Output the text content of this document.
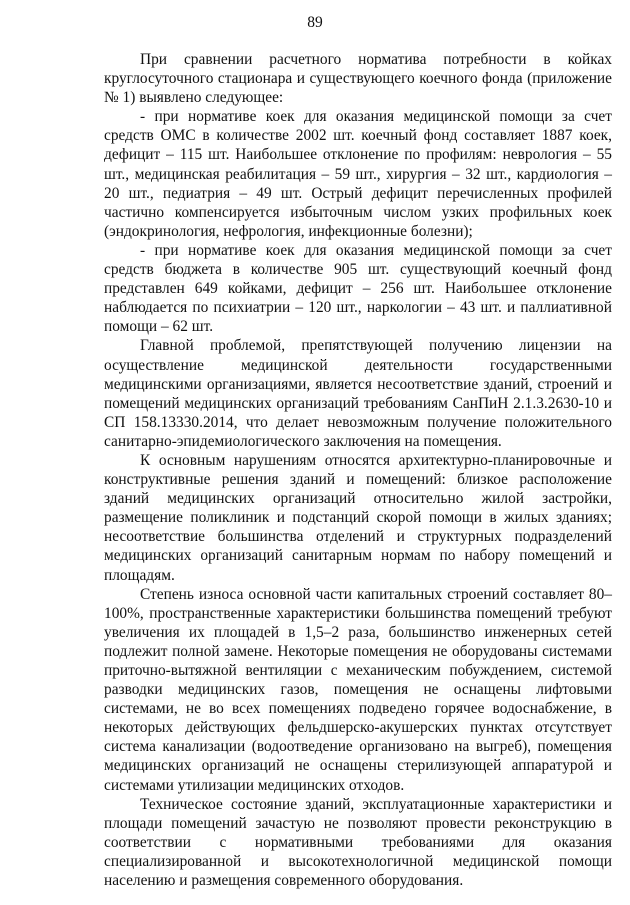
89

При сравнении расчетного норматива потребности в койках круглосуточного стационара и существующего коечного фонда (приложение № 1) выявлено следующее:

- при нормативе коек для оказания медицинской помощи за счет средств ОМС в количестве 2002 шт. коечный фонд составляет 1887 коек, дефицит – 115 шт. Наибольшее отклонение по профилям: неврология – 55 шт., медицинская реабилитация – 59 шт., хирургия – 32 шт., кардиология – 20 шт., педиатрия – 49 шт. Острый дефицит перечисленных профилей частично компенсируется избыточным числом узких профильных коек (эндокринология, нефрология, инфекционные болезни);

- при нормативе коек для оказания медицинской помощи за счет средств бюджета в количестве 905 шт. существующий коечный фонд представлен 649 койками, дефицит – 256 шт. Наибольшее отклонение наблюдается по психиатрии – 120 шт., наркологии – 43 шт. и паллиативной помощи – 62 шт.

Главной проблемой, препятствующей получению лицензии на осуществление медицинской деятельности государственными медицинскими организациями, является несоответствие зданий, строений и помещений медицинских организаций требованиям СанПиН 2.1.3.2630-10 и СП 158.13330.2014, что делает невозможным получение положительного санитарно-эпидемиологического заключения на помещения.

К основным нарушениям относятся архитектурно-планировочные и конструктивные решения зданий и помещений: близкое расположение зданий медицинских организаций относительно жилой застройки, размещение поликлиник и подстанций скорой помощи в жилых зданиях; несоответствие большинства отделений и структурных подразделений медицинских организаций санитарным нормам по набору помещений и площадям.

Степень износа основной части капитальных строений составляет 80–100%, пространственные характеристики большинства помещений требуют увеличения их площадей в 1,5–2 раза, большинство инженерных сетей подлежит полной замене. Некоторые помещения не оборудованы системами приточно-вытяжной вентиляции с механическим побуждением, системой разводки медицинских газов, помещения не оснащены лифтовыми системами, не во всех помещениях подведено горячее водоснабжение, в некоторых действующих фельдшерско-акушерских пунктах отсутствует система канализации (водоотведение организовано на выгреб), помещения медицинских организаций не оснащены стерилизующей аппаратурой и системами утилизации медицинских отходов.

Техническое состояние зданий, эксплуатационные характеристики и площади помещений зачастую не позволяют провести реконструкцию в соответствии с нормативными требованиями для оказания специализированной и высокотехнологичной медицинской помощи населению и размещения современного оборудования.
